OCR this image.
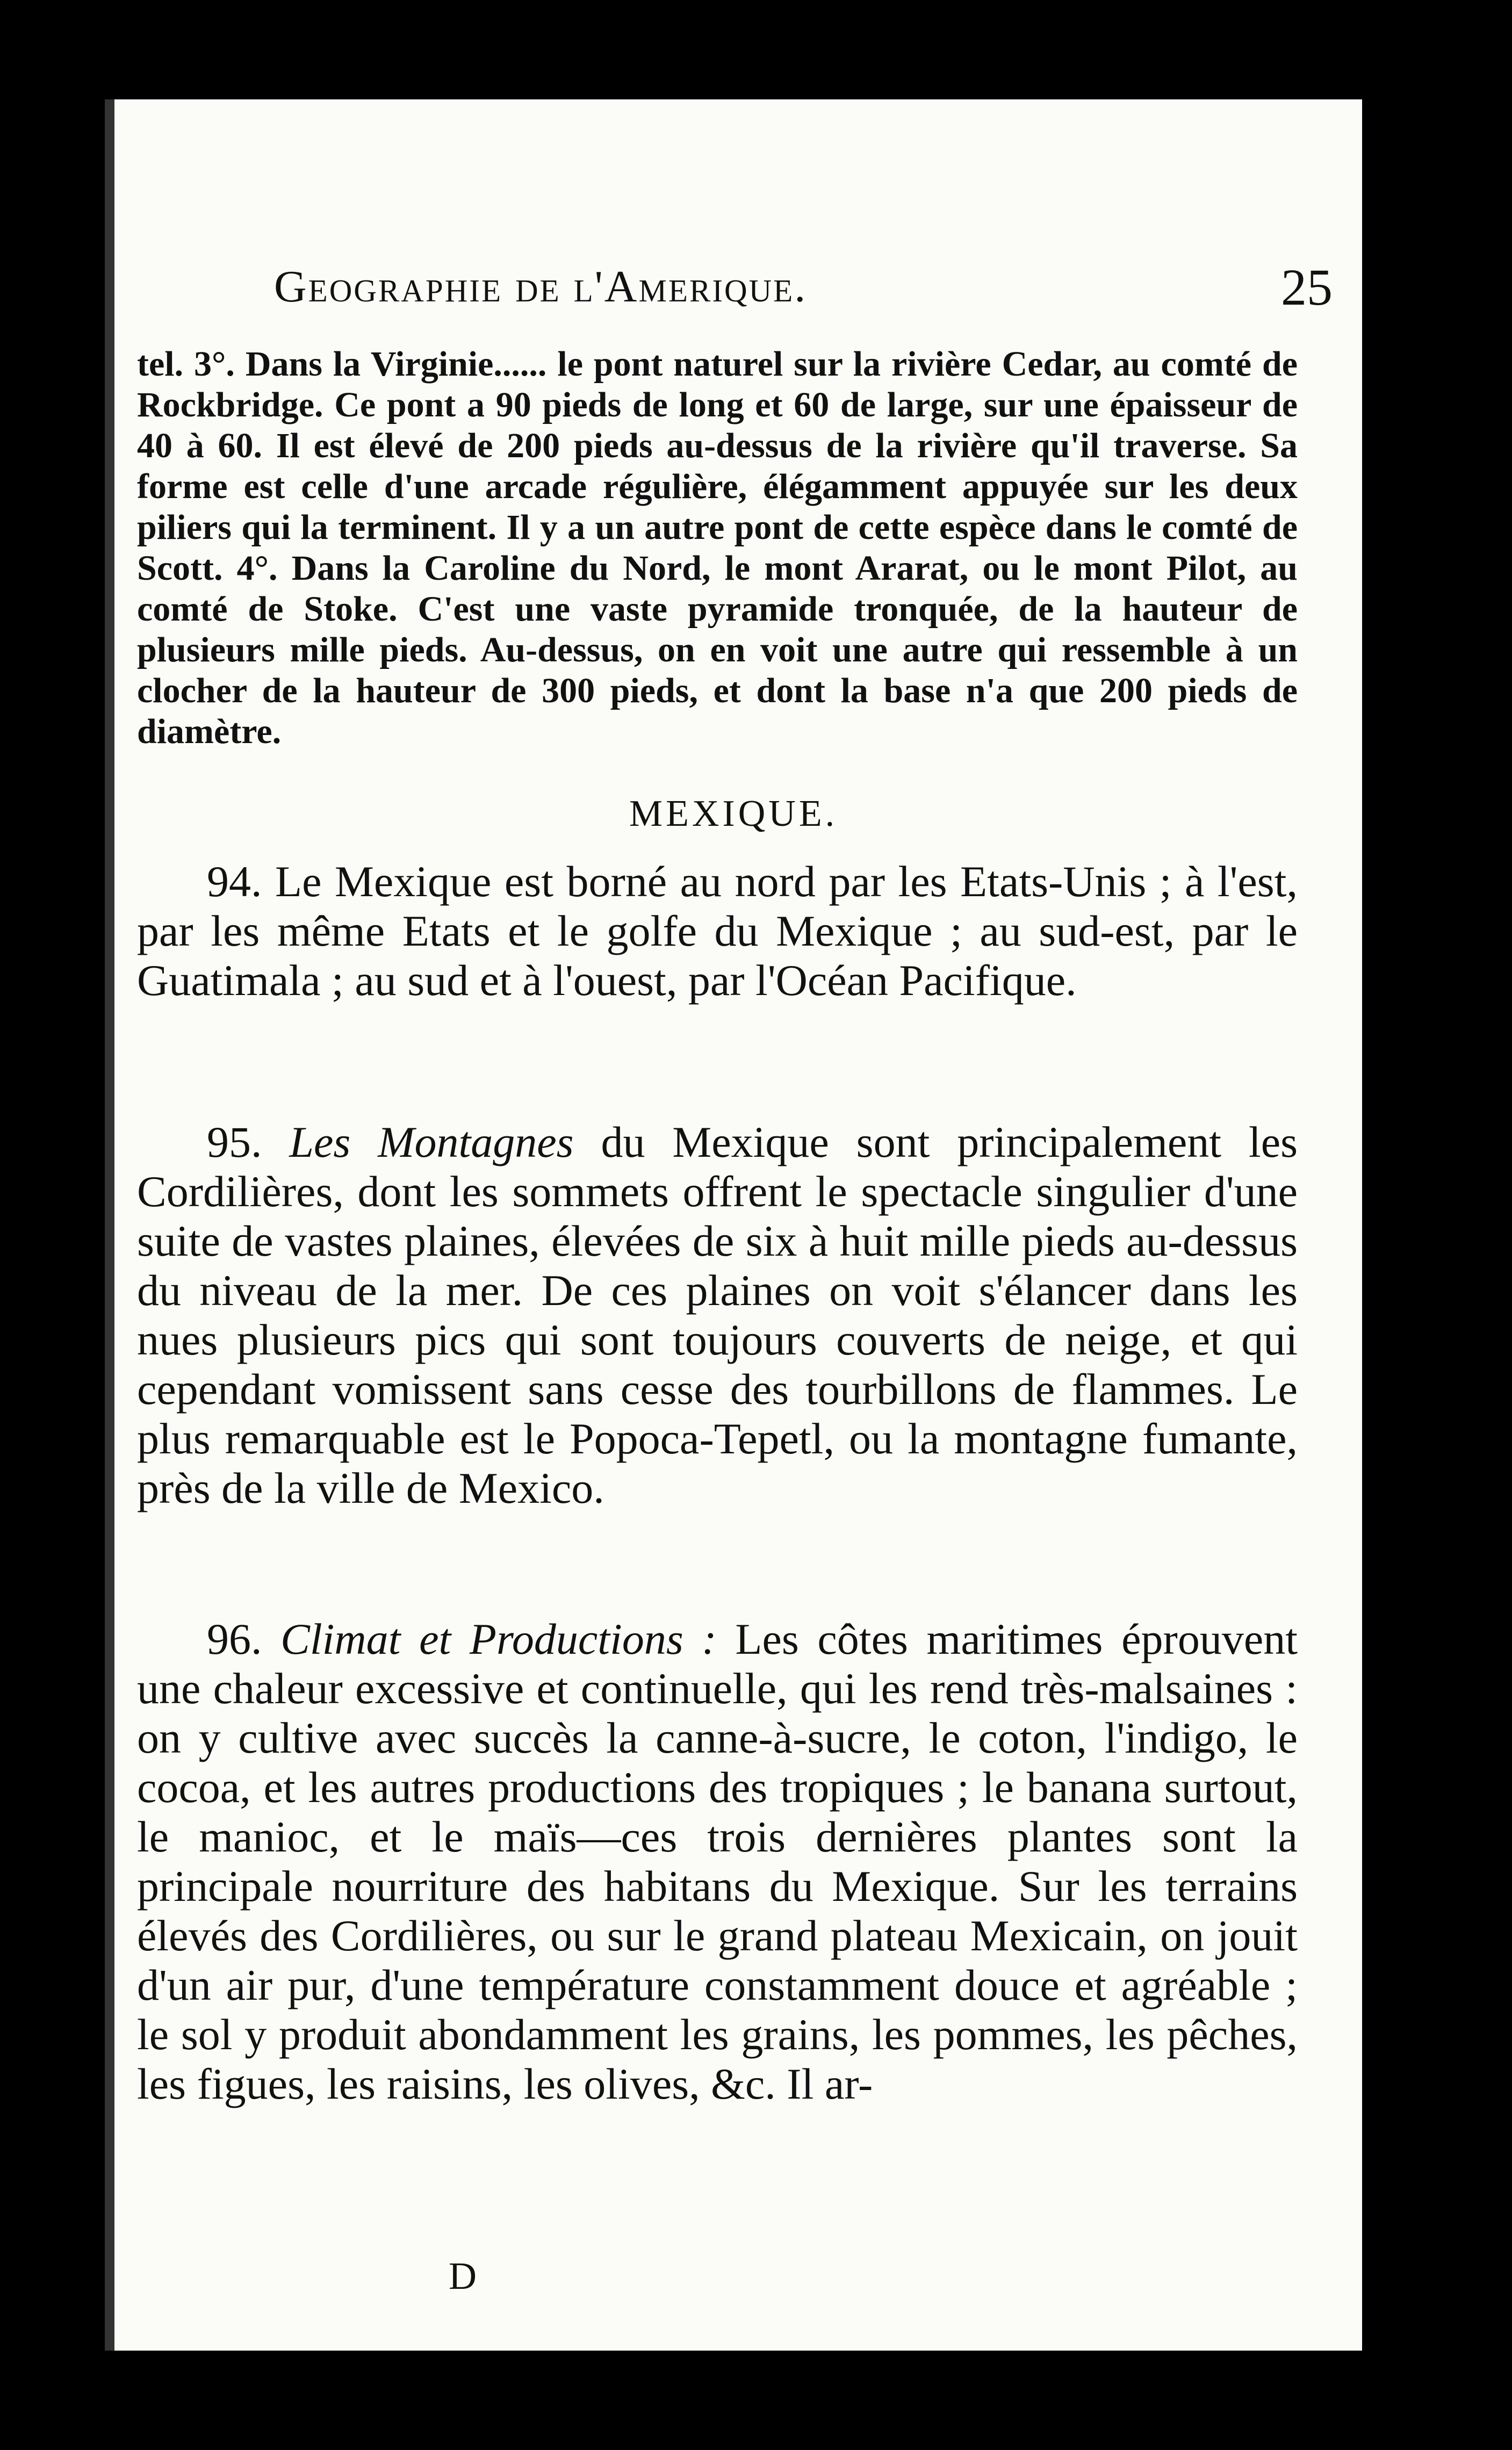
Geographie de l'Amerique.	25

tel. 3°. Dans la Virginie...... le pont naturel sur la rivière Cedar, au comté de Rockbridge. Ce pont a 90 pieds de long et 60 de large, sur une épaisseur de 40 à 60. Il est élevé de 200 pieds au-dessus de la rivière qu'il traverse. Sa forme est celle d'une arcade régulière, élégamment appuyée sur les deux piliers qui la terminent. Il y a un autre pont de cette espèce dans le comté de Scott. 4°. Dans la Caroline du Nord, le mont Ararat, ou le mont Pilot, au comté de Stoke. C'est une vaste pyramide tronquée, de la hauteur de plusieurs mille pieds. Au-dessus, on en voit une autre qui ressemble à un clocher de la hauteur de 300 pieds, et dont la base n'a que 200 pieds de diamètre.

MEXIQUE.

94. Le Mexique est borné au nord par les Etats-Unis ; à l'est, par les même Etats et le golfe du Mexique ; au sud-est, par le Guatimala ; au sud et à l'ouest, par l'Océan Pacifique.

95. Les Montagnes du Mexique sont principalement les Cordilières, dont les sommets offrent le spectacle singulier d'une suite de vastes plaines, élevées de six à huit mille pieds au-dessus du niveau de la mer. De ces plaines on voit s'élancer dans les nues plusieurs pics qui sont toujours couverts de neige, et qui cependant vomissent sans cesse des tourbillons de flammes. Le plus remarquable est le Popoca-Tepetl, ou la montagne fumante, près de la ville de Mexico.

96. Climat et Productions : Les côtes maritimes éprouvent une chaleur excessive et continuelle, qui les rend très-malsaines : on y cultive avec succès la canne-à-sucre, le coton, l'indigo, le cocoa, et les autres productions des tropiques ; le banana surtout, le manioc, et le maïs—ces trois dernières plantes sont la principale nourriture des habitans du Mexique. Sur les terrains élevés des Cordilières, ou sur le grand plateau Mexicain, on jouit d'un air pur, d'une température constamment douce et agréable ; le sol y produit abondamment les grains, les pommes, les pêches, les figues, les raisins, les olives, &c. Il ar-

D
